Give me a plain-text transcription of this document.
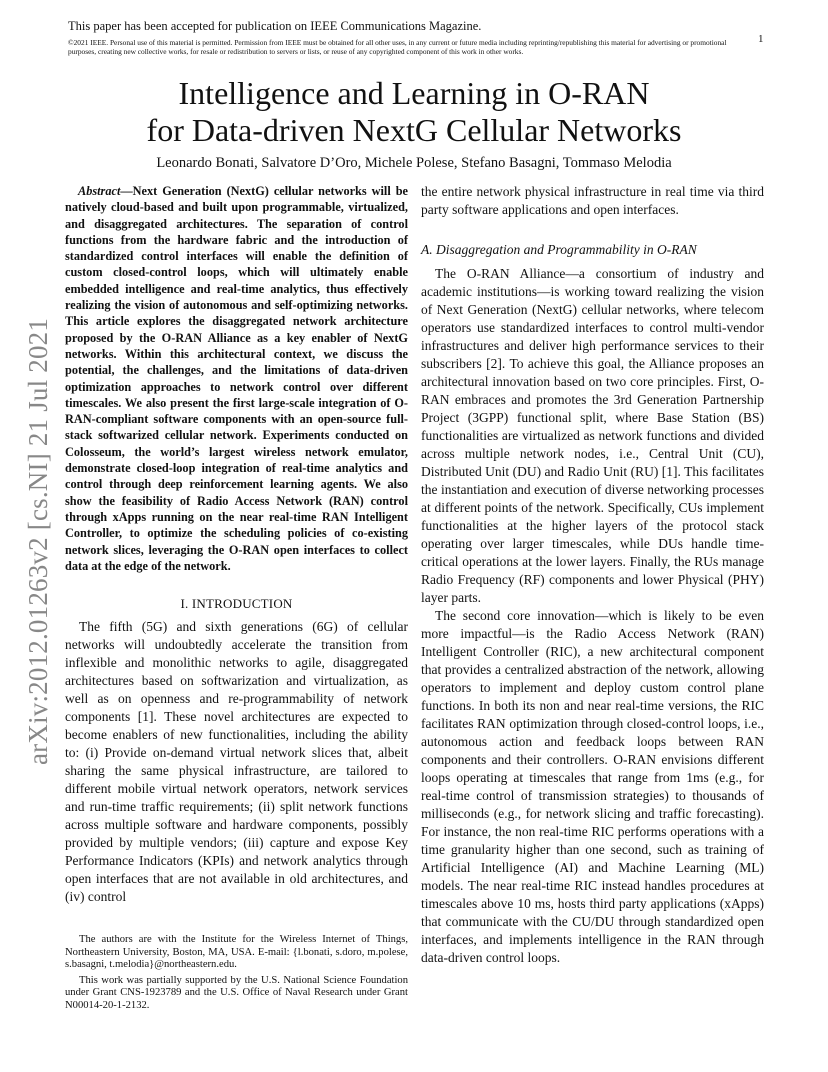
This paper has been accepted for publication on IEEE Communications Magazine.
©2021 IEEE. Personal use of this material is permitted. Permission from IEEE must be obtained for all other uses, in any current or future media including reprinting/republishing this material for advertising or promotional purposes, creating new collective works, for resale or redistribution to servers or lists, or reuse of any copyrighted component of this work in other works.
1
arXiv:2012.01263v2 [cs.NI] 21 Jul 2021
Intelligence and Learning in O-RAN
for Data-driven NextG Cellular Networks
Leonardo Bonati, Salvatore D’Oro, Michele Polese, Stefano Basagni, Tommaso Melodia

Abstract—Next Generation (NextG) cellular networks will be natively cloud-based and built upon programmable, virtualized, and disaggregated architectures. The separation of control functions from the hardware fabric and the introduction of standardized control interfaces will enable the definition of custom closed-control loops, which will ultimately enable embedded intelligence and real-time analytics, thus effectively realizing the vision of autonomous and self-optimizing networks. This article explores the disaggregated network architecture proposed by the O-RAN Alliance as a key enabler of NextG networks. Within this architectural context, we discuss the potential, the challenges, and the limitations of data-driven optimization approaches to network control over different timescales. We also present the first large-scale integration of O-RAN-compliant software components with an open-source full-stack softwarized cellular network. Experiments conducted on Colosseum, the world’s largest wireless network emulator, demonstrate closed-loop integration of real-time analytics and control through deep reinforcement learning agents. We also show the feasibility of Radio Access Network (RAN) control through xApps running on the near real-time RAN Intelligent Controller, to optimize the scheduling policies of co-existing network slices, leveraging the O-RAN open interfaces to collect data at the edge of the network.

I. INTRODUCTION

The fifth (5G) and sixth generations (6G) of cellular networks will undoubtedly accelerate the transition from inflexible and monolithic networks to agile, disaggregated architectures based on softwarization and virtualization, as well as on openness and re-programmability of network components [1]. These novel architectures are expected to become enablers of new functionalities, including the ability to: (i) Provide on-demand virtual network slices that, albeit sharing the same physical infrastructure, are tailored to different mobile virtual network operators, network services and run-time traffic requirements; (ii) split network functions across multiple software and hardware components, possibly provided by multiple vendors; (iii) capture and expose Key Performance Indicators (KPIs) and network analytics through open interfaces that are not available in old architectures, and (iv) control

The authors are with the Institute for the Wireless Internet of Things, Northeastern University, Boston, MA, USA. E-mail: {l.bonati, s.doro, m.polese, s.basagni, t.melodia}@northeastern.edu.

This work was partially supported by the U.S. National Science Foundation under Grant CNS-1923789 and the U.S. Office of Naval Research under Grant N00014-20-1-2132.

the entire network physical infrastructure in real time via third party software applications and open interfaces.

A. Disaggregation and Programmability in O-RAN

The O-RAN Alliance—a consortium of industry and academic institutions—is working toward realizing the vision of Next Generation (NextG) cellular networks, where telecom operators use standardized interfaces to control multi-vendor infrastructures and deliver high performance services to their subscribers [2]. To achieve this goal, the Alliance proposes an architectural innovation based on two core principles. First, O-RAN embraces and promotes the 3rd Generation Partnership Project (3GPP) functional split, where Base Station (BS) functionalities are virtualized as network functions and divided across multiple network nodes, i.e., Central Unit (CU), Distributed Unit (DU) and Radio Unit (RU) [1]. This facilitates the instantiation and execution of diverse networking processes at different points of the network. Specifically, CUs implement functionalities at the higher layers of the protocol stack operating over larger timescales, while DUs handle time-critical operations at the lower layers. Finally, the RUs manage Radio Frequency (RF) components and lower Physical (PHY) layer parts.

The second core innovation—which is likely to be even more impactful—is the Radio Access Network (RAN) Intelligent Controller (RIC), a new architectural component that provides a centralized abstraction of the network, allowing operators to implement and deploy custom control plane functions. In both its non and near real-time versions, the RIC facilitates RAN optimization through closed-control loops, i.e., autonomous action and feedback loops between RAN components and their controllers. O-RAN envisions different loops operating at timescales that range from 1ms (e.g., for real-time control of transmission strategies) to thousands of milliseconds (e.g., for network slicing and traffic forecasting). For instance, the non real-time RIC performs operations with a time granularity higher than one second, such as training of Artificial Intelligence (AI) and Machine Learning (ML) models. The near real-time RIC instead handles procedures at timescales above 10 ms, hosts third party applications (xApps) that communicate with the CU/DU through standardized open interfaces, and implements intelligence in the RAN through data-driven control loops.
